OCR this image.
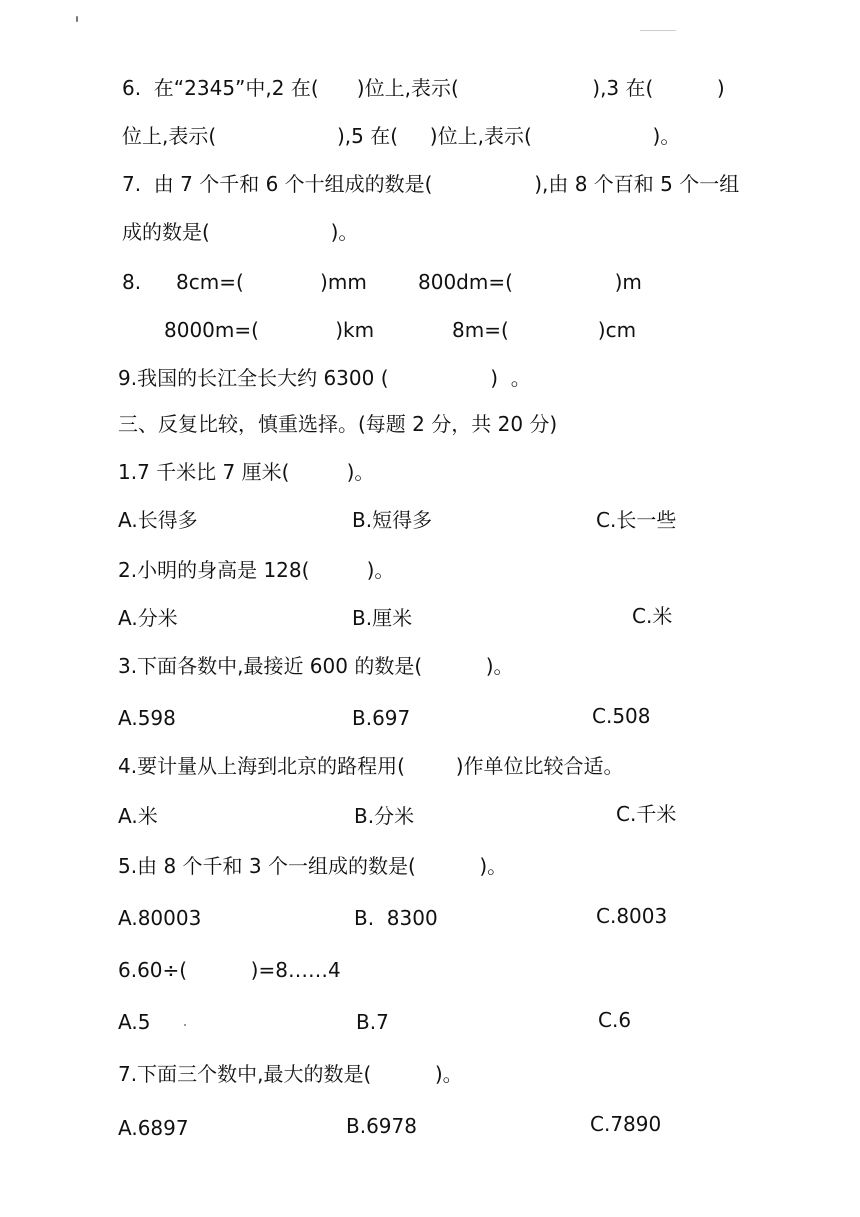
6.  在“2345”中,2 在(      )位上,表示(                     ),3 在(          )
位上,表示(                   ),5 在(     )位上,表示(                   )。
7.  由 7 个千和 6 个十组成的数是(                ),由 8 个百和 5 个一组
成的数是(                   )。
8. 8cm=(            )mm	800dm=(                )m
8000m=(            )km	8m=(              )cm
9.我国的长江全长大约 6300 (                )  。
三、反复比较，慎重选择。(每题 2 分，共 20 分)
1.7 千米比 7 厘米(         )。
A.长得多	B.短得多	C.长一些
2.小明的身高是 128(         )。
A.分米	B.厘米	C.米
3.下面各数中,最接近 600 的数是(          )。
A.598	B.697	C.508
4.要计量从上海到北京的路程用(        )作单位比较合适。
A.米	B.分米	C.千米
5.由 8 个千和 3 个一组成的数是(          )。
A.80003	B.  8300	C.8003
6.60÷(          )=8……4
A.5	B.7	C.6
7.下面三个数中,最大的数是(          )。
A.6897	B.6978	C.7890
